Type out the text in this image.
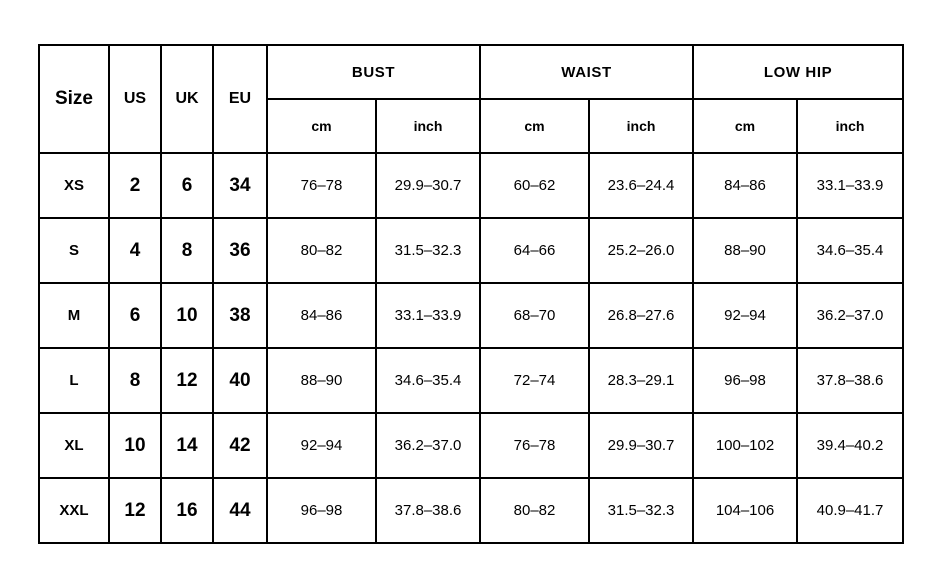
Size	US	UK	EU	BUST		WAIST		LOW HIP	
				cm	inch	cm	inch	cm	inch
XS	2	6	34	76–78	29.9–30.7	60–62	23.6–24.4	84–86	33.1–33.9
S	4	8	36	80–82	31.5–32.3	64–66	25.2–26.0	88–90	34.6–35.4
M	6	10	38	84–86	33.1–33.9	68–70	26.8–27.6	92–94	36.2–37.0
L	8	12	40	88–90	34.6–35.4	72–74	28.3–29.1	96–98	37.8–38.6
XL	10	14	42	92–94	36.2–37.0	76–78	29.9–30.7	100–102	39.4–40.2
XXL	12	16	44	96–98	37.8–38.6	80–82	31.5–32.3	104–106	40.9–41.7
